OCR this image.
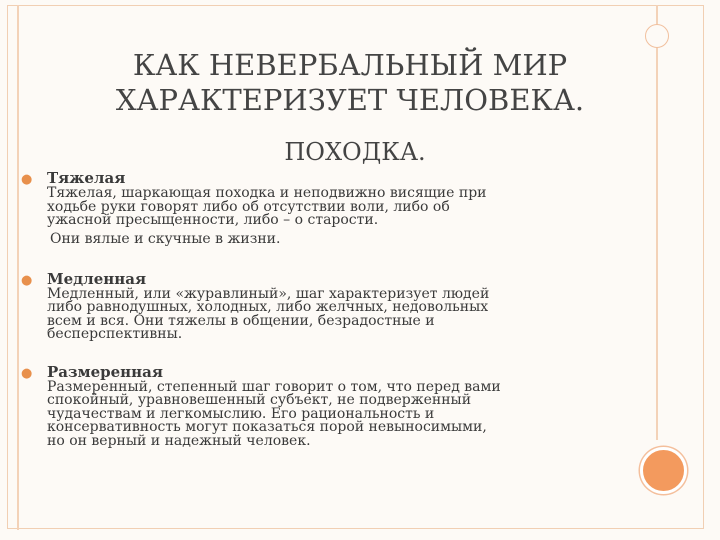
КАК НЕВЕРБАЛЬНЫЙ МИР ХАРАКТЕРИЗУЕТ ЧЕЛОВЕКА.
ПОХОДКА.
● Тяжелая
Тяжелая, шаркающая походка и неподвижно висящие при
ходьбе руки говорят либо об отсутствии воли, либо об
ужасной пресыщенности, либо – о старости.
Они вялые и скучные в жизни.
● Медленная
Медленный, или «журавлиный», шаг характеризует людей
либо равнодушных, холодных, либо желчных, недовольных
всем и вся. Они тяжелы в общении, безрадостные и
бесперспективны.
● Размеренная
Размеренный, степенный шаг говорит о том, что перед вами
спокойный, уравновешенный субъект, не подверженный
чудачествам и легкомыслию. Его рациональность и
консервативность могут показаться порой невыносимыми,
но он верный и надежный человек.
